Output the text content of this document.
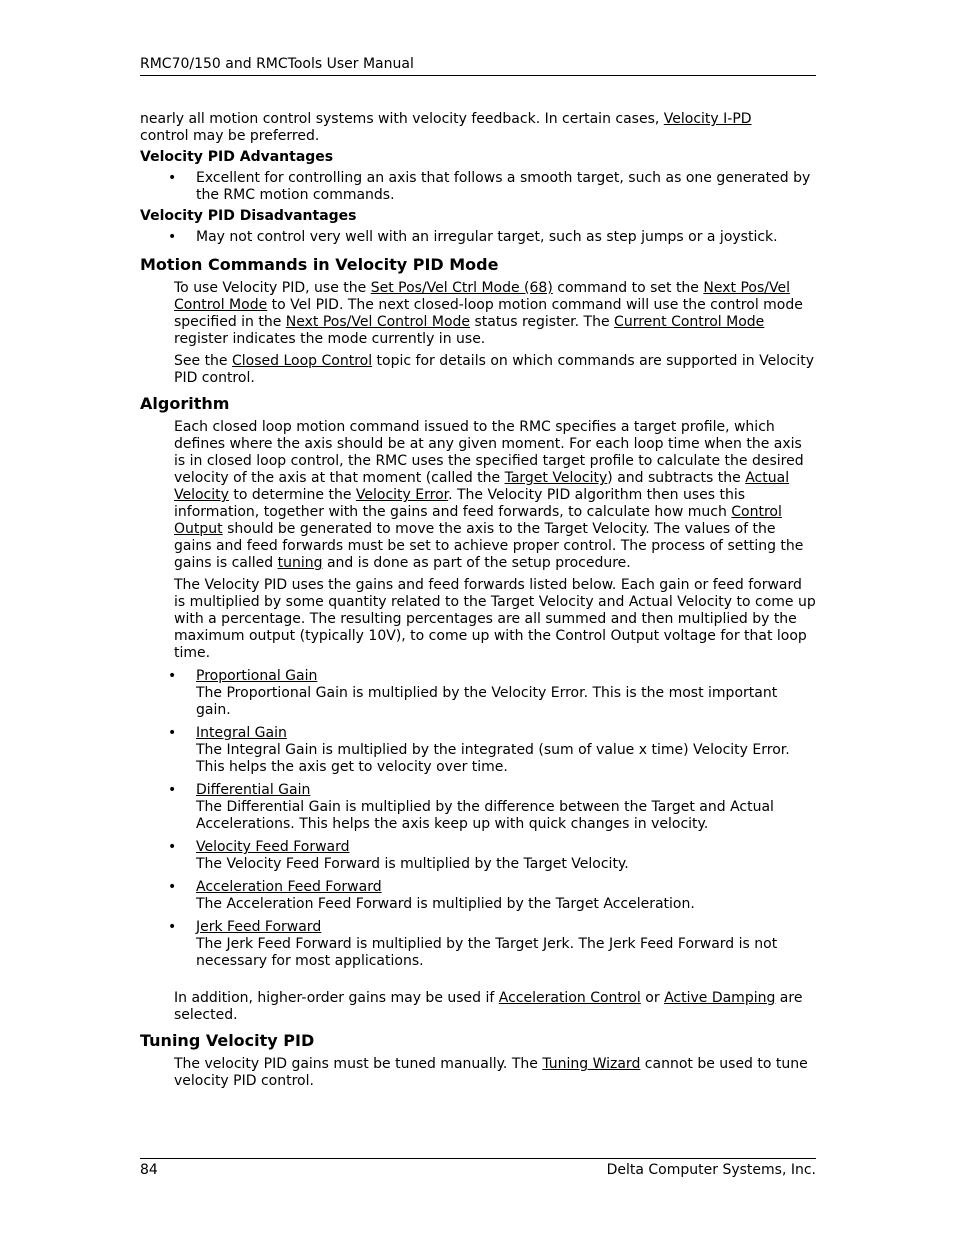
RMC70/150 and RMCTools User Manual

nearly all motion control systems with velocity feedback. In certain cases, Velocity I-PD
control may be preferred.

Velocity PID Advantages
• Excellent for controlling an axis that follows a smooth target, such as one generated by the RMC motion commands.
Velocity PID Disadvantages
• May not control very well with an irregular target, such as step jumps or a joystick.
Motion Commands in Velocity PID Mode

To use Velocity PID, use the Set Pos/Vel Ctrl Mode (68) command to set the Next Pos/Vel Control Mode to Vel PID. The next closed-loop motion command will use the control mode specified in the Next Pos/Vel Control Mode status register. The Current Control Mode register indicates the mode currently in use.

See the Closed Loop Control topic for details on which commands are supported in Velocity PID control.

Algorithm

Each closed loop motion command issued to the RMC specifies a target profile, which defines where the axis should be at any given moment. For each loop time when the axis is in closed loop control, the RMC uses the specified target profile to calculate the desired velocity of the axis at that moment (called the Target Velocity) and subtracts the Actual Velocity to determine the Velocity Error. The Velocity PID algorithm then uses this information, together with the gains and feed forwards, to calculate how much Control Output should be generated to move the axis to the Target Velocity. The values of the gains and feed forwards must be set to achieve proper control. The process of setting the gains is called tuning and is done as part of the setup procedure.

The Velocity PID uses the gains and feed forwards listed below. Each gain or feed forward is multiplied by some quantity related to the Target Velocity and Actual Velocity to come up with a percentage. The resulting percentages are all summed and then multiplied by the maximum output (typically 10V), to come up with the Control Output voltage for that loop time.

• Proportional Gain
The Proportional Gain is multiplied by the Velocity Error. This is the most important gain.
• Integral Gain
The Integral Gain is multiplied by the integrated (sum of value x time) Velocity Error. This helps the axis get to velocity over time.
• Differential Gain
The Differential Gain is multiplied by the difference between the Target and Actual Accelerations. This helps the axis keep up with quick changes in velocity.
• Velocity Feed Forward
The Velocity Feed Forward is multiplied by the Target Velocity.
• Acceleration Feed Forward
The Acceleration Feed Forward is multiplied by the Target Acceleration.
• Jerk Feed Forward
The Jerk Feed Forward is multiplied by the Target Jerk. The Jerk Feed Forward is not necessary for most applications.

In addition, higher-order gains may be used if Acceleration Control or Active Damping are selected.

Tuning Velocity PID

The velocity PID gains must be tuned manually. The Tuning Wizard cannot be used to tune velocity PID control.

84	Delta Computer Systems, Inc.
